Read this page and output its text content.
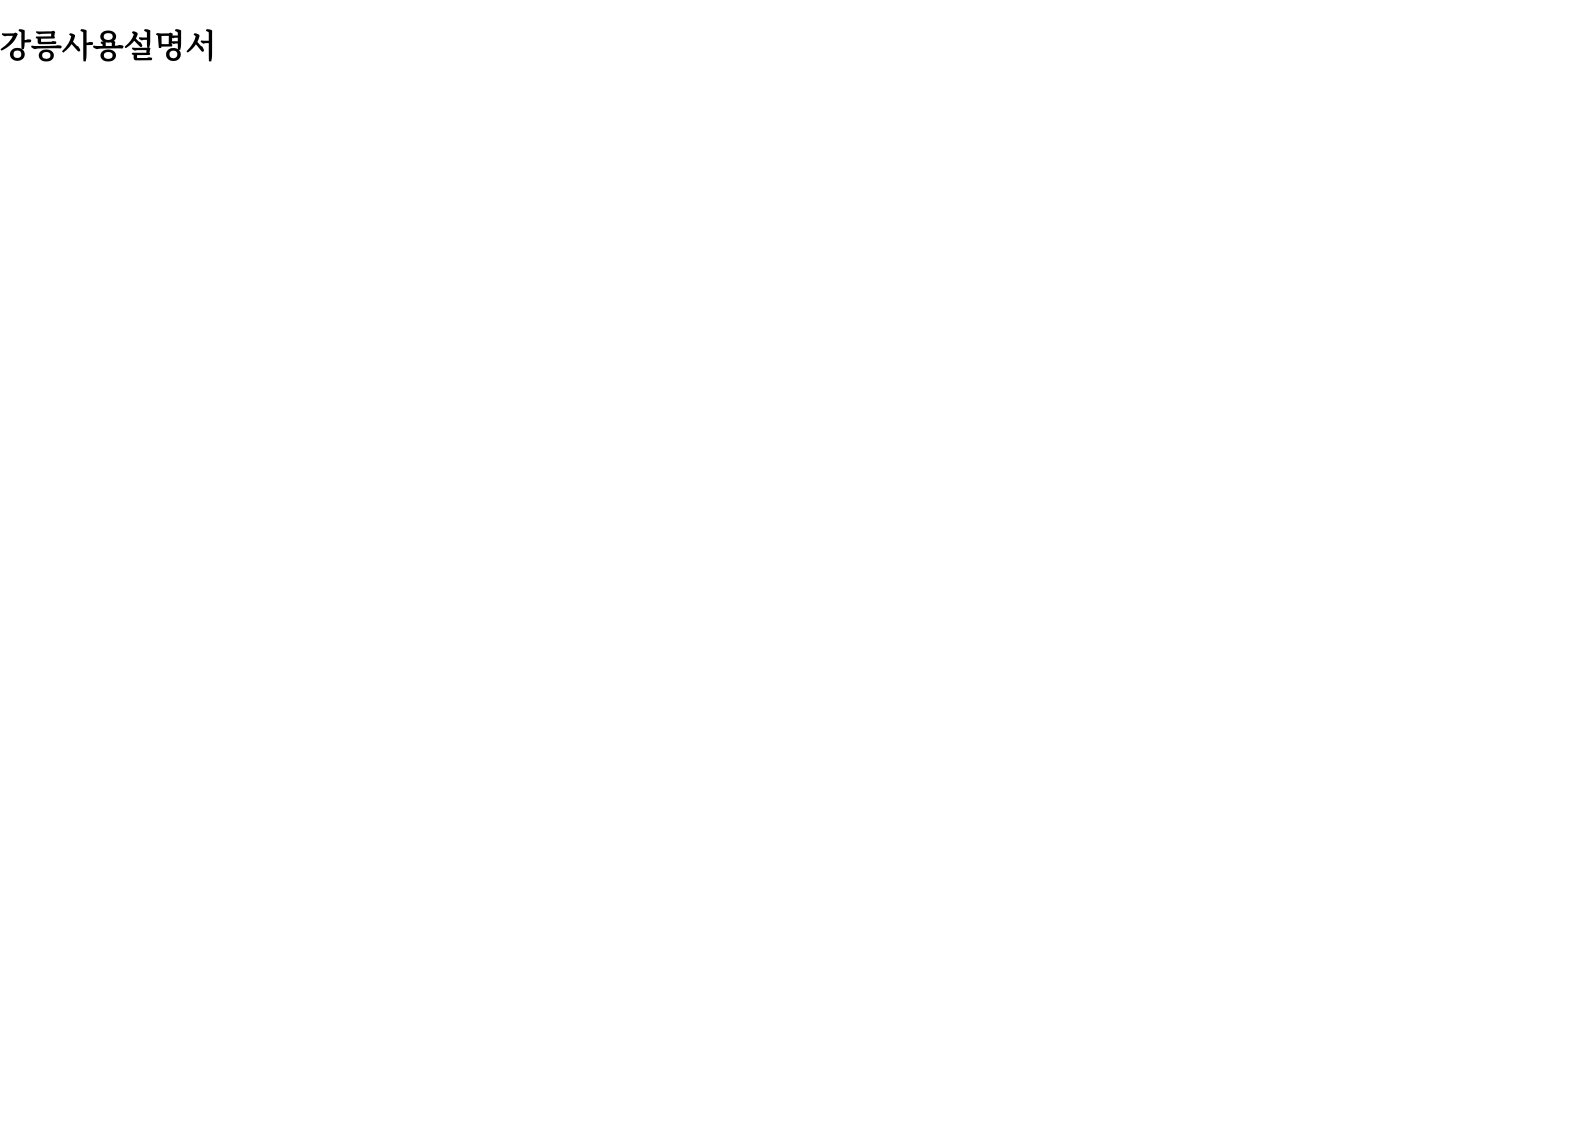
강릉사용설명서
